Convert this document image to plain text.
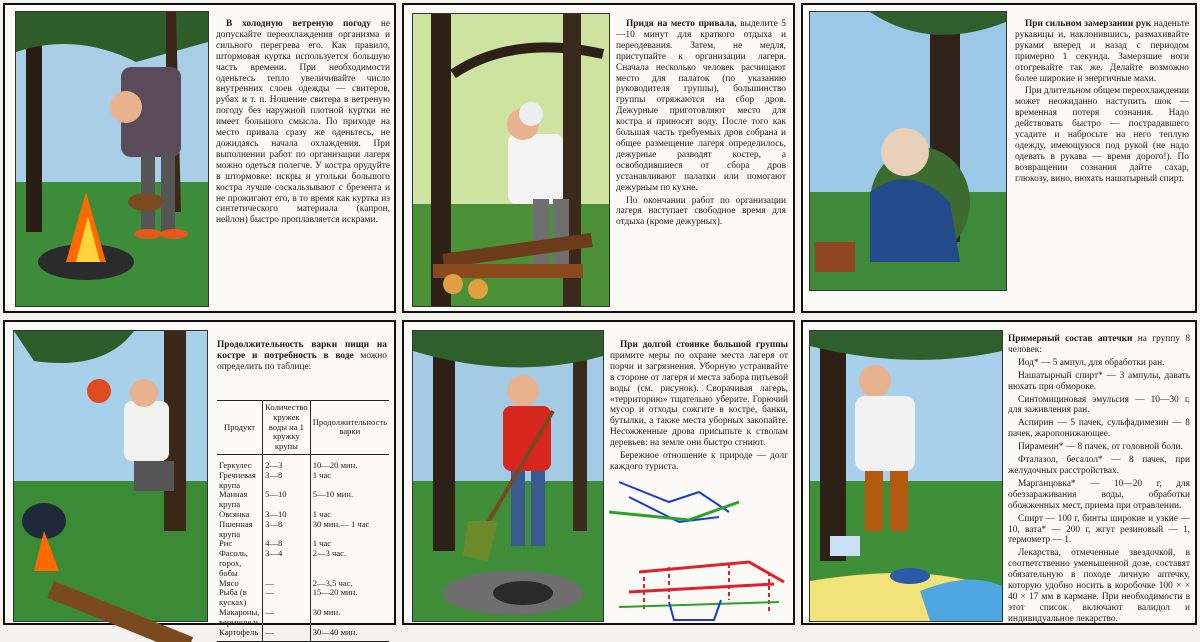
В холодную ветреную погоду не допускайте переохлаждения организма и сильного перегрева его. Как правило, штормовая куртка используется большую часть времени. При необходимости оденьтесь тепло увеличивайте число внутренних слоев одежды — свитеров, рубах и т. п. Ношение свитера в ветреную погоду без наружной плотной куртки не имеет большого смысла. По приходе на место привала сразу же оденьтесь, не дожидаясь начала охлаждения. При выполнении работ по организации лагеря можно одеться полегче. У костра орудуйте в штормовке: искры и угольки большого костра лучше соскальзывают с брезента и не прожигают его, в то время как куртка из синтетического материала (капрон, нейлон) быстро проплавляется искрами.

Придя на место привала, выделите 5—10 минут для краткого отдыха и переодевания. Затем, не медля, приступайте к организации лагеря. Сначала несколько человек расчищают место для палаток (по указанию руководителя группы), большинство группы отряжаются на сбор дров. Дежурные приготовляют место для костра и приносят воду. После того как большая часть требуемых дров собрана и общее размещение лагеря определилось, дежурные разводят костер, а освободившиеся от сбора дров устанавливают палатки или помогают дежурным по кухне.

По окончании работ по организации лагеря наступает свободное время для отдыха (кроме дежурных).

При сильном замерзании рук наденьте рукавицы и, наклонившись, размахивайте руками вперед и назад с периодом примерно 1 секунда. Замерзшие ноги отогревайте так же. Делайте возможно более широкие и энергичные махи.

При длительном общем переохлаждении может неожиданно наступить шок — временная потеря сознания. Надо действовать быстро — пострадавшего усадите и набросьте на него теплую одежду, имеющуюся под рукой (не надо одевать в рукава — время дорого!). По возвращении сознания дайте сахар, глюкозу, вино, нюхать нашатырный спирт.

Продолжительность варки пищи на костре и потребность в воде можно определить по таблице:

Продукт	Количество кружек воды на 1 кружку крупы	Продолжительность варки
Геркулес	2—3	10—20 мин.
Гречневая крупа	3—8	1 час
Манная крупа	5—10	5—10 мин.
Овсянка	3—10	1 час
Пшенная крупа	3—8	30 мин.— 1 час
Рис	4—8	1 час
Фасоль, горох, бобы	3—4	2—3 час.
Мясо	—	2—3,5 час.
Рыба (в кусках)	—	15—20 мин.
Макароны, вермишель	—	30 мин.
Картофель	—	30—40 мин.

При долгой стоянке большой группы примите меры по охране места лагеря от порчи и загрязнения. Уборную устраивайте в стороне от лагеря и места забора питьевой воды (см. рисунок). Сворачивая лагерь, «территорию» тщательно уберите. Горючий мусор и отходы сожгите в костре, банки, бутылки, а также места уборных закопайте. Несожженные дрова присыпьте к стволам деревьев: на земле они быстро сгниют.

Бережное отношение к природе — долг каждого туриста.

Примерный состав аптечки на группу 8 человек:

Иод* — 5 ампул, для обработки ран.

Нашатырный спирт* — 3 ампулы, давать нюхать при обмороке.

Синтомициновая эмульсия — 10—30 г, для заживления ран.

Аспирин — 5 пачек, сульфадимезин — 8 пачек, жаропонижающее.

Пирамеин* — 8 пачек, от головной боли.

Фталазол, бесалол* — 8 пачек, при желудочных расстройствах.

Марганцовка* — 10—20 г, для обеззараживания воды, обработки обожженных мест, приема при отравлении.

Спирт — 100 г, бинты широкие и узкие — 10, вата* — 200 г, жгут резиновый — 1, термометр — 1.

Лекарства, отмеченные звездочкой, в соответственно уменьшенной дозе, составят обязательную в походе личную аптечку, которую удобно носить в коробочке 100 × × 40 × 17 мм в кармане. При необходимости в этот список включают валидол и индивидуальное лекарство.
